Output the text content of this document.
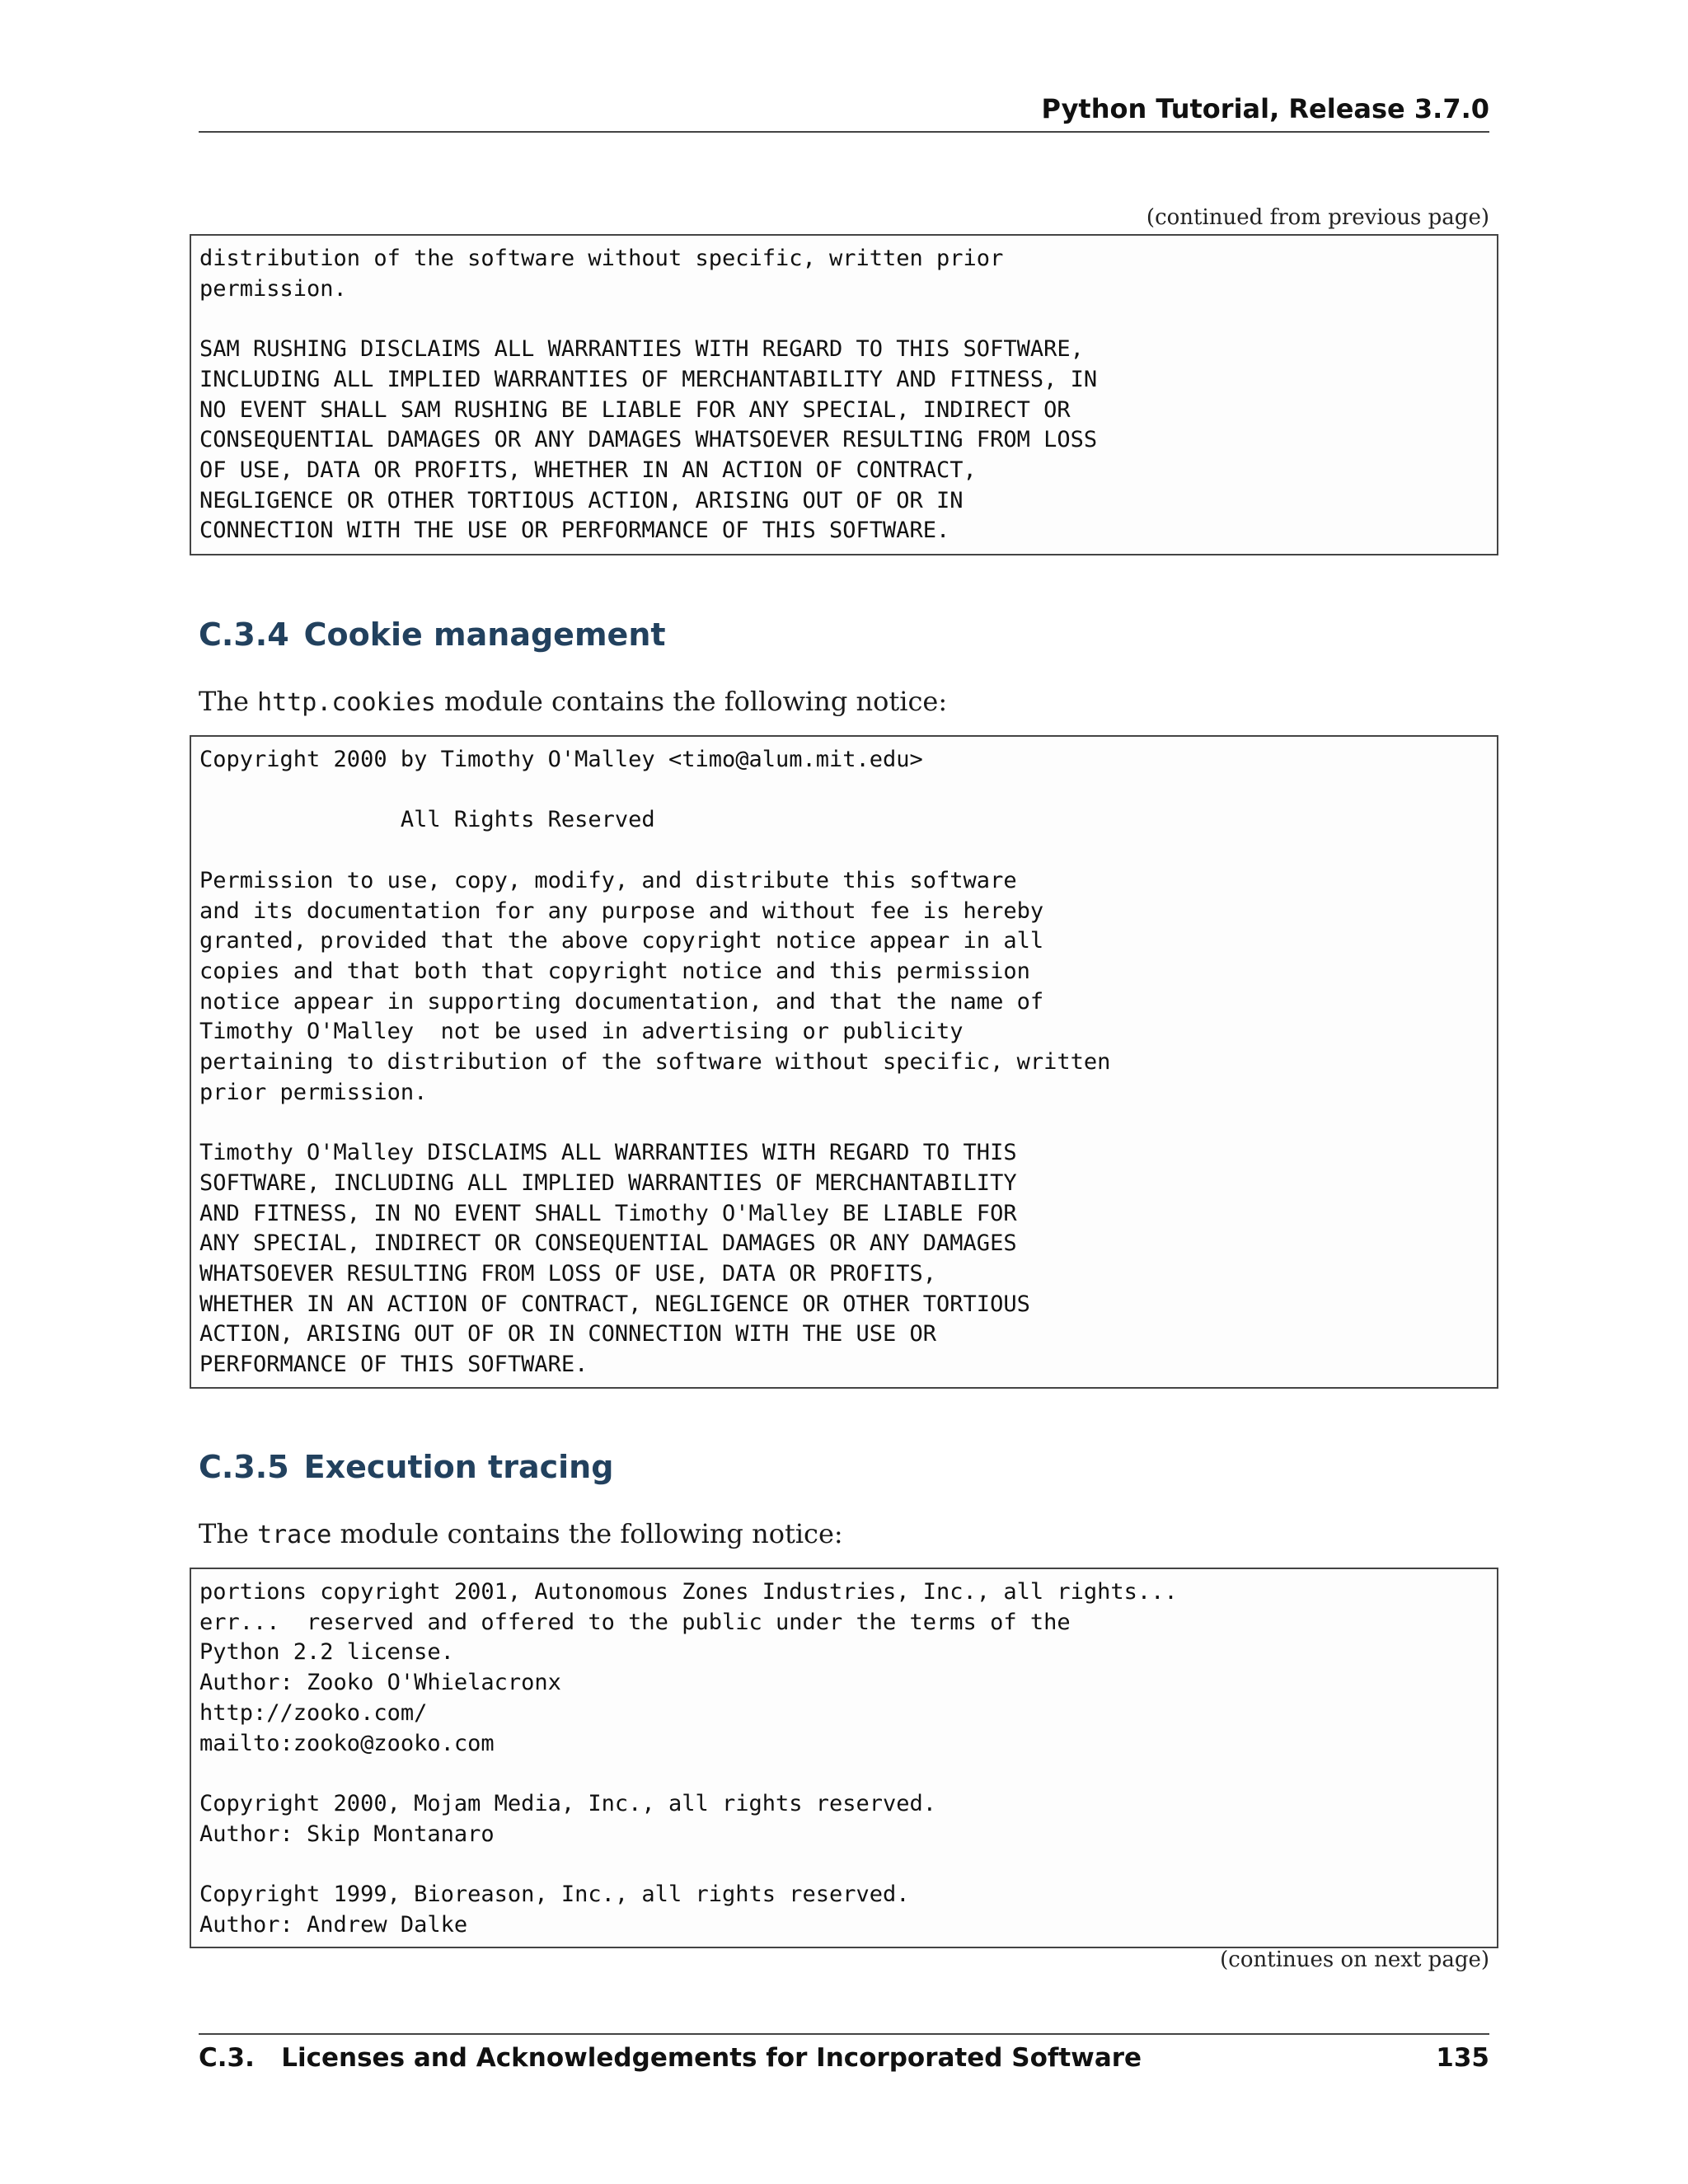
Python Tutorial, Release 3.7.0
(continued from previous page)
distribution of the software without specific, written prior
permission.

SAM RUSHING DISCLAIMS ALL WARRANTIES WITH REGARD TO THIS SOFTWARE,
INCLUDING ALL IMPLIED WARRANTIES OF MERCHANTABILITY AND FITNESS, IN
NO EVENT SHALL SAM RUSHING BE LIABLE FOR ANY SPECIAL, INDIRECT OR
CONSEQUENTIAL DAMAGES OR ANY DAMAGES WHATSOEVER RESULTING FROM LOSS
OF USE, DATA OR PROFITS, WHETHER IN AN ACTION OF CONTRACT,
NEGLIGENCE OR OTHER TORTIOUS ACTION, ARISING OUT OF OR IN
CONNECTION WITH THE USE OR PERFORMANCE OF THIS SOFTWARE.
C.3.4 Cookie management

The http.cookies module contains the following notice:

Copyright 2000 by Timothy O'Malley <timo@alum.mit.edu>

All Rights Reserved

Permission to use, copy, modify, and distribute this software
and its documentation for any purpose and without fee is hereby
granted, provided that the above copyright notice appear in all
copies and that both that copyright notice and this permission
notice appear in supporting documentation, and that the name of
Timothy O'Malley  not be used in advertising or publicity
pertaining to distribution of the software without specific, written
prior permission.

Timothy O'Malley DISCLAIMS ALL WARRANTIES WITH REGARD TO THIS
SOFTWARE, INCLUDING ALL IMPLIED WARRANTIES OF MERCHANTABILITY
AND FITNESS, IN NO EVENT SHALL Timothy O'Malley BE LIABLE FOR
ANY SPECIAL, INDIRECT OR CONSEQUENTIAL DAMAGES OR ANY DAMAGES
WHATSOEVER RESULTING FROM LOSS OF USE, DATA OR PROFITS,
WHETHER IN AN ACTION OF CONTRACT, NEGLIGENCE OR OTHER TORTIOUS
ACTION, ARISING OUT OF OR IN CONNECTION WITH THE USE OR
PERFORMANCE OF THIS SOFTWARE.
C.3.5 Execution tracing

The trace module contains the following notice:

portions copyright 2001, Autonomous Zones Industries, Inc., all rights...
err...  reserved and offered to the public under the terms of the
Python 2.2 license.
Author: Zooko O'Whielacronx
http://zooko.com/
mailto:zooko@zooko.com

Copyright 2000, Mojam Media, Inc., all rights reserved.
Author: Skip Montanaro

Copyright 1999, Bioreason, Inc., all rights reserved.
Author: Andrew Dalke
(continues on next page)
C.3.   Licenses and Acknowledgements for Incorporated Software	135
